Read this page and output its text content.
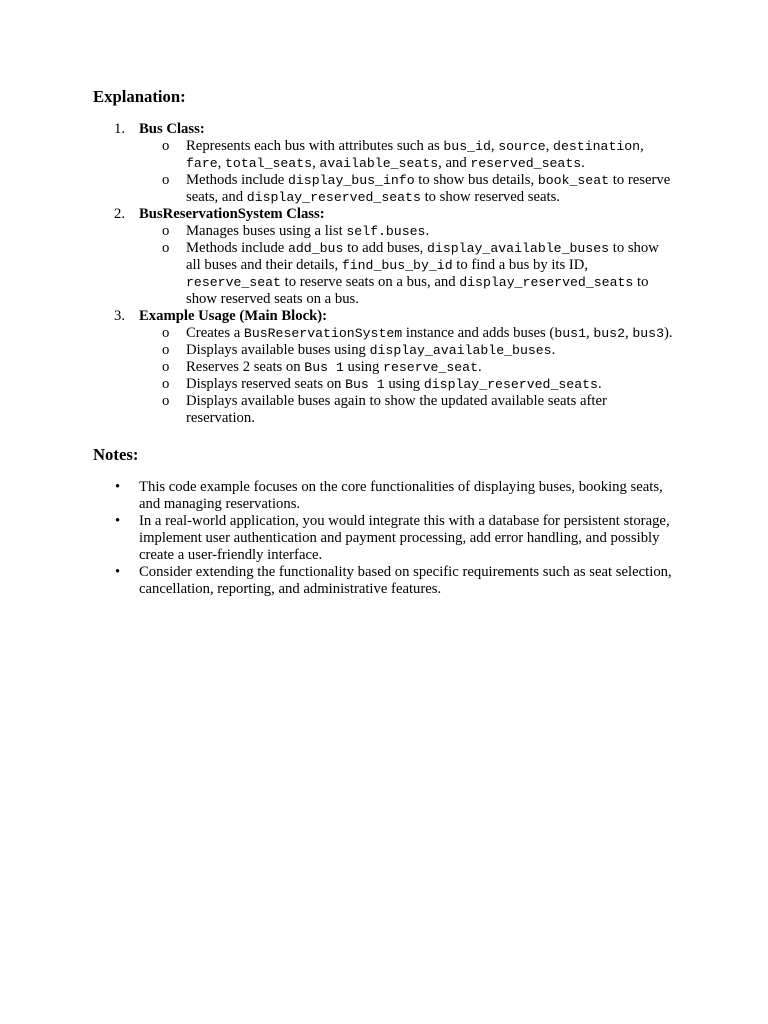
Explanation:
1. Bus Class:
o Represents each bus with attributes such as bus_id, source, destination, fare, total_seats, available_seats, and reserved_seats.
o Methods include display_bus_info to show bus details, book_seat to reserve seats, and display_reserved_seats to show reserved seats.
2. BusReservationSystem Class:
o Manages buses using a list self.buses.
o Methods include add_bus to add buses, display_available_buses to show all buses and their details, find_bus_by_id to find a bus by its ID, reserve_seat to reserve seats on a bus, and display_reserved_seats to show reserved seats on a bus.
3. Example Usage (Main Block):
o Creates a BusReservationSystem instance and adds buses (bus1, bus2, bus3).
o Displays available buses using display_available_buses.
o Reserves 2 seats on Bus 1 using reserve_seat.
o Displays reserved seats on Bus 1 using display_reserved_seats.
o Displays available buses again to show the updated available seats after reservation.
Notes:
• This code example focuses on the core functionalities of displaying buses, booking seats, and managing reservations.
• In a real-world application, you would integrate this with a database for persistent storage, implement user authentication and payment processing, add error handling, and possibly create a user-friendly interface.
• Consider extending the functionality based on specific requirements such as seat selection, cancellation, reporting, and administrative features.
